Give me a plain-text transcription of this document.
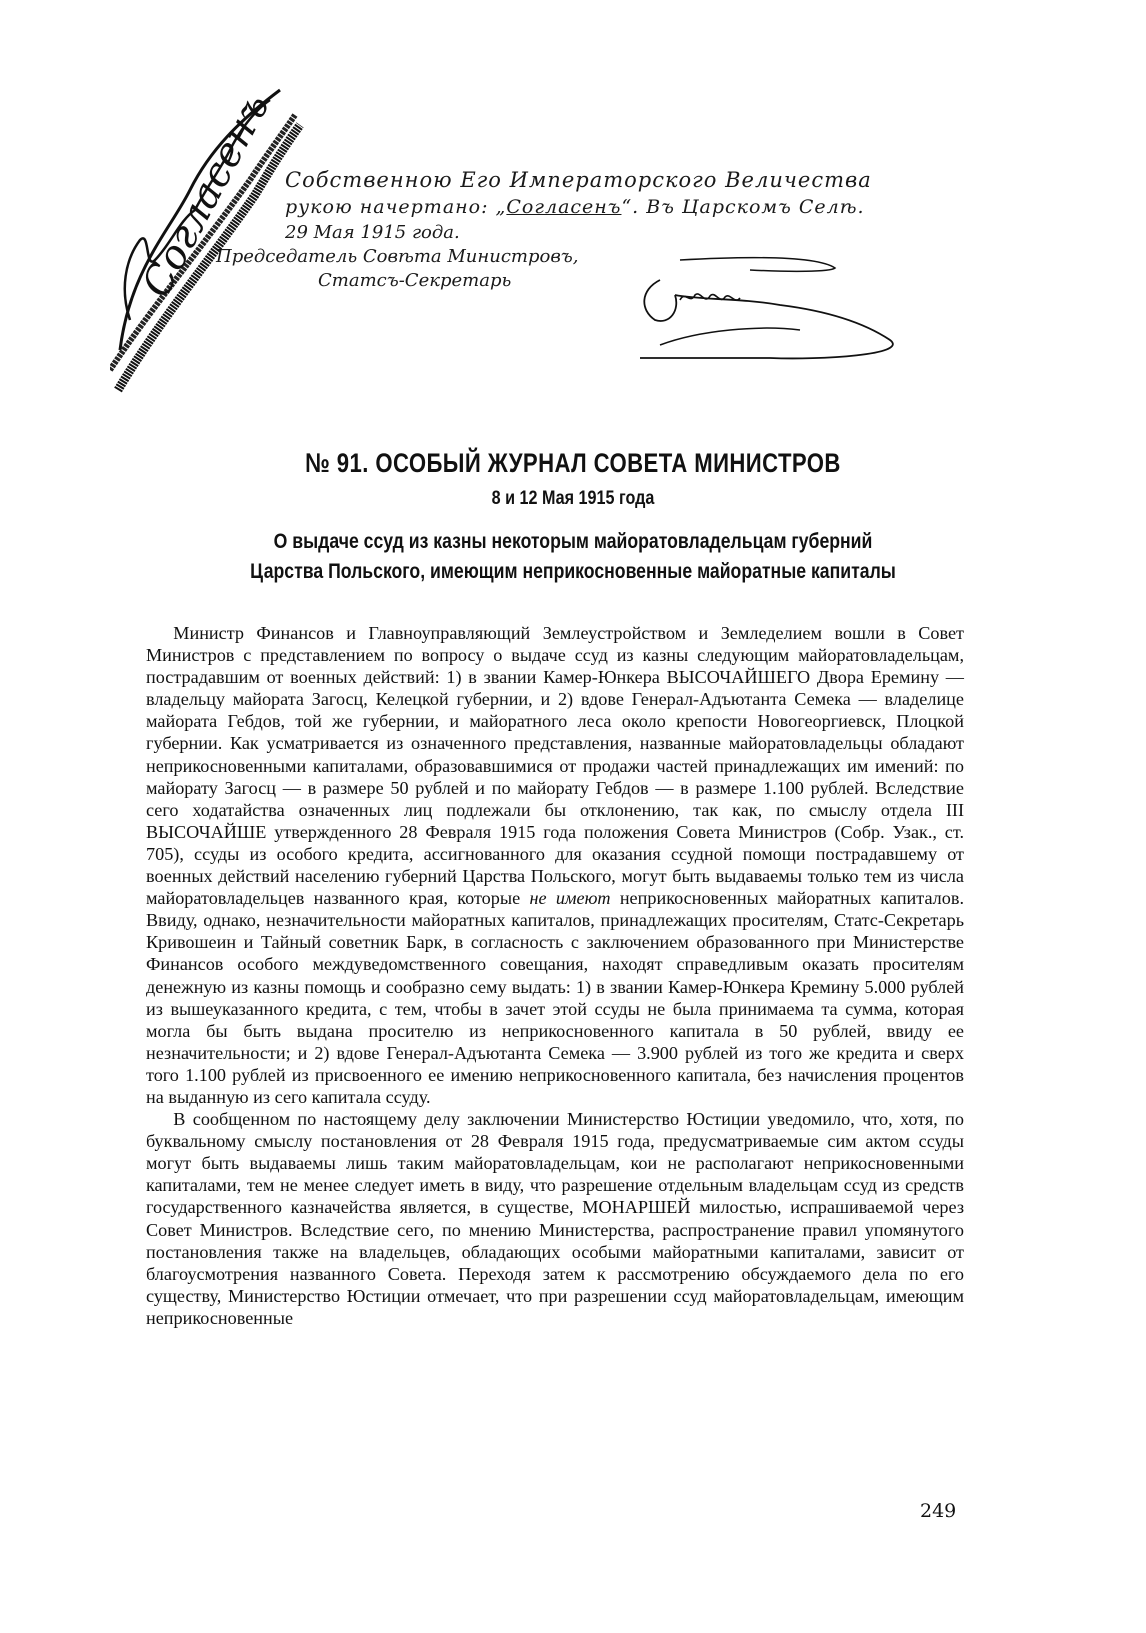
Согласенъ Собственною Его Императорского Величества
рукою начертано: „Согласенъ“. Въ Царскомъ Селѣ.
29 Мая 1915 года.
Председатель Совѣта Министровъ,
Статсъ-Секретарь
№ 91. ОСОБЫЙ ЖУРНАЛ СОВЕТА МИНИСТРОВ
8 и 12 Мая 1915 года
О выдаче ссуд из казны некоторым майоратовладельцам губерний
Царства Польского, имеющим неприкосновенные майоратные капиталы

Министр Финансов и Главноуправляющий Землеустройством и Земледелием вошли в Совет Министров с представлением по вопросу о выдаче ссуд из казны следующим майоратовладельцам, пострадавшим от военных действий: 1) в звании Камер-Юнкера ВЫСОЧАЙШЕГО Двора Еремину — владельцу майората Загосц, Келецкой губернии, и 2) вдове Генерал-Адъютанта Семека — владелице майората Гебдов, той же губернии, и майоратного леса около крепости Новогеоргиевск, Плоцкой губернии. Как усматривается из означенного представления, названные майоратовладельцы обладают неприкосновенными капиталами, образовавшимися от продажи частей принадлежащих им имений: по майорату Загосц — в размере 50 рублей и по майорату Гебдов — в размере 1.100 рублей. Вследствие сего ходатайства означенных лиц подлежали бы отклонению, так как, по смыслу отдела III ВЫСОЧАЙШЕ утвержденного 28 Февраля 1915 года положения Совета Министров (Собр. Узак., ст. 705), ссуды из особого кредита, ассигнованного для оказания ссудной помощи пострадавшему от военных действий населению губерний Царства Польского, могут быть выдаваемы только тем из числа майоратовладельцев названного края, которые не имеют неприкосновенных майоратных капиталов. Ввиду, однако, незначительности майоратных капиталов, принадлежащих просителям, Статс-Секретарь Кривошеин и Тайный советник Барк, в согласность с заключением образованного при Министерстве Финансов особого междуведомственного совещания, находят справедливым оказать просителям денежную из казны помощь и сообразно сему выдать: 1) в звании Камер-Юнкера Кремину 5.000 рублей из вышеуказанного кредита, с тем, чтобы в зачет этой ссуды не была принимаема та сумма, которая могла бы быть выдана просителю из неприкосновенного капитала в 50 рублей, ввиду ее незначительности; и 2) вдове Генерал-Адъютанта Семека — 3.900 рублей из того же кредита и сверх того 1.100 рублей из присвоенного ее имению неприкосновенного капитала, без начисления процентов на выданную из сего капитала ссуду.

В сообщенном по настоящему делу заключении Министерство Юстиции уведомило, что, хотя, по буквальному смыслу постановления от 28 Февраля 1915 года, предусматриваемые сим актом ссуды могут быть выдаваемы лишь таким майоратовладельцам, кои не располагают неприкосновенными капиталами, тем не менее следует иметь в виду, что разрешение отдельным владельцам ссуд из средств государственного казначейства является, в существе, МОНАРШЕЙ милостью, испрашиваемой через Совет Министров. Вследствие сего, по мнению Министерства, распространение правил упомянутого постановления также на владельцев, обладающих особыми майоратными капиталами, зависит от благоусмотрения названного Совета. Переходя затем к рассмотрению обсуждаемого дела по его существу, Министерство Юстиции отмечает, что при разрешении ссуд майоратовладельцам, имеющим неприкосновенные

249
